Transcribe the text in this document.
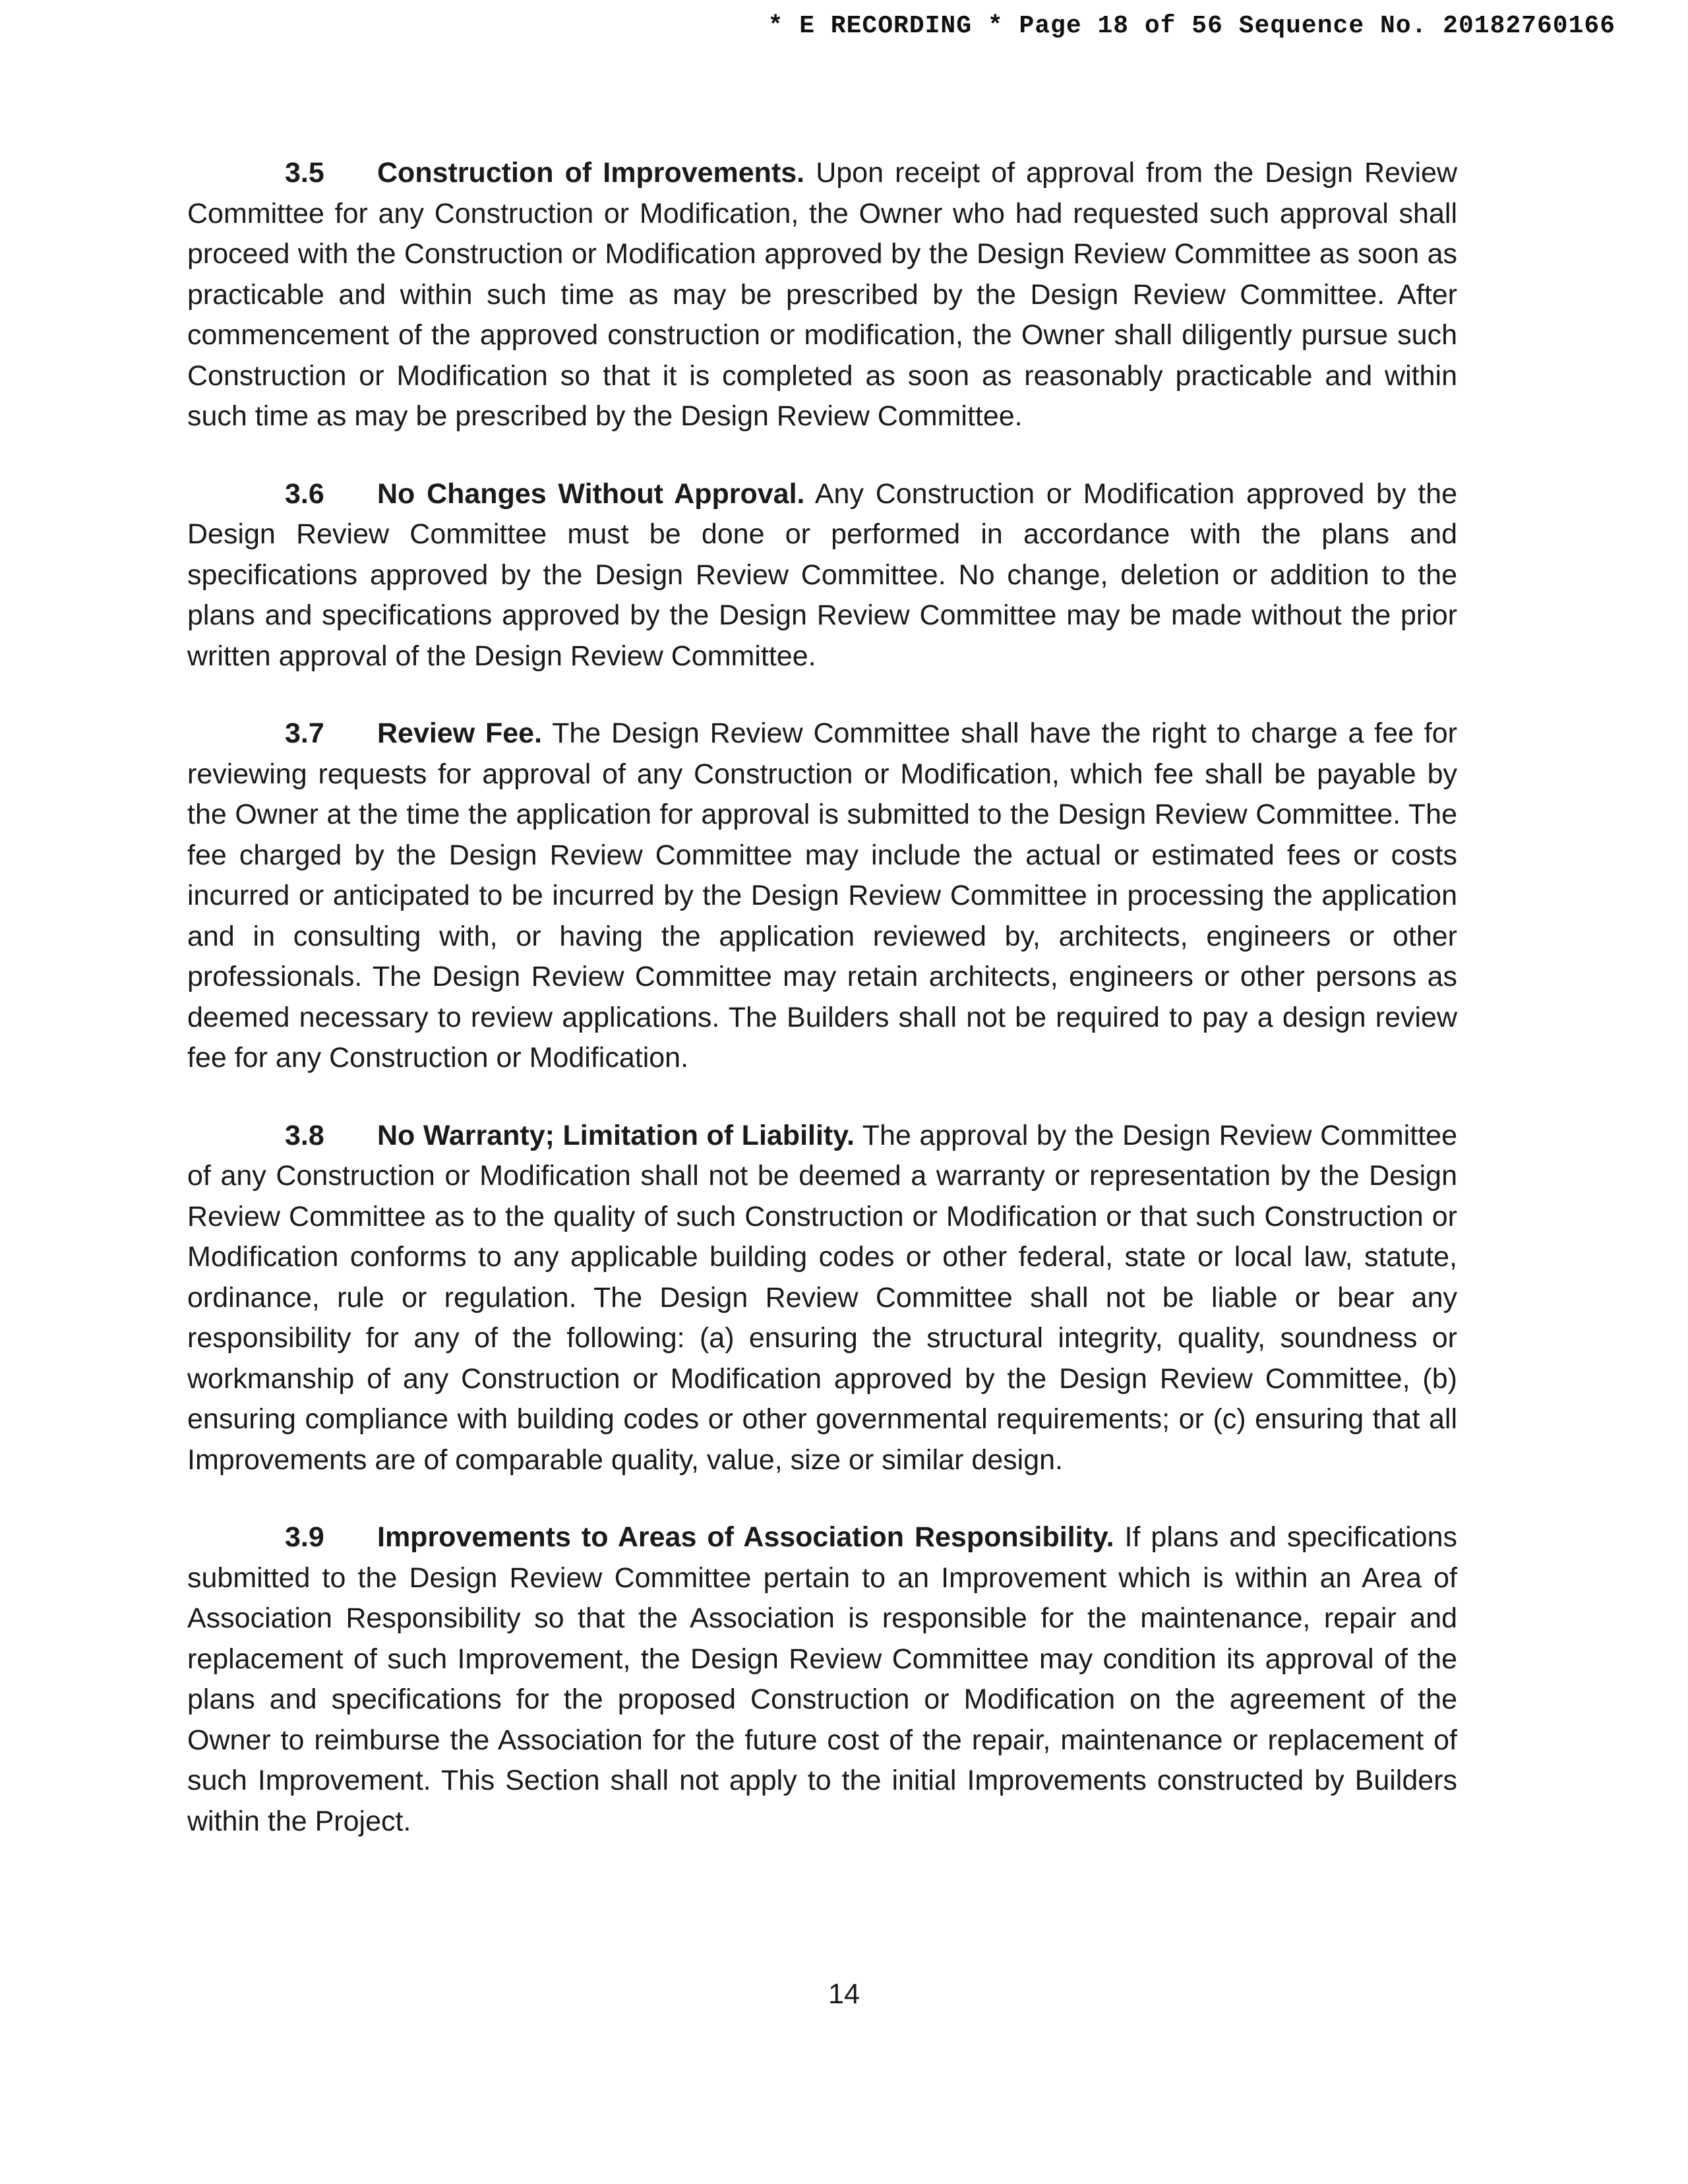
* E RECORDING * Page 18 of 56 Sequence No. 20182760166

3.5 Construction of Improvements. Upon receipt of approval from the Design Review Committee for any Construction or Modification, the Owner who had requested such approval shall proceed with the Construction or Modification approved by the Design Review Committee as soon as practicable and within such time as may be prescribed by the Design Review Committee. After commencement of the approved construction or modification, the Owner shall diligently pursue such Construction or Modification so that it is completed as soon as reasonably practicable and within such time as may be prescribed by the Design Review Committee.

3.6 No Changes Without Approval. Any Construction or Modification approved by the Design Review Committee must be done or performed in accordance with the plans and specifications approved by the Design Review Committee. No change, deletion or addition to the plans and specifications approved by the Design Review Committee may be made without the prior written approval of the Design Review Committee.

3.7 Review Fee. The Design Review Committee shall have the right to charge a fee for reviewing requests for approval of any Construction or Modification, which fee shall be payable by the Owner at the time the application for approval is submitted to the Design Review Committee. The fee charged by the Design Review Committee may include the actual or estimated fees or costs incurred or anticipated to be incurred by the Design Review Committee in processing the application and in consulting with, or having the application reviewed by, architects, engineers or other professionals. The Design Review Committee may retain architects, engineers or other persons as deemed necessary to review applications. The Builders shall not be required to pay a design review fee for any Construction or Modification.

3.8 No Warranty; Limitation of Liability. The approval by the Design Review Committee of any Construction or Modification shall not be deemed a warranty or representation by the Design Review Committee as to the quality of such Construction or Modification or that such Construction or Modification conforms to any applicable building codes or other federal, state or local law, statute, ordinance, rule or regulation. The Design Review Committee shall not be liable or bear any responsibility for any of the following: (a) ensuring the structural integrity, quality, soundness or workmanship of any Construction or Modification approved by the Design Review Committee, (b) ensuring compliance with building codes or other governmental requirements; or (c) ensuring that all Improvements are of comparable quality, value, size or similar design.

3.9 Improvements to Areas of Association Responsibility. If plans and specifications submitted to the Design Review Committee pertain to an Improvement which is within an Area of Association Responsibility so that the Association is responsible for the maintenance, repair and replacement of such Improvement, the Design Review Committee may condition its approval of the plans and specifications for the proposed Construction or Modification on the agreement of the Owner to reimburse the Association for the future cost of the repair, maintenance or replacement of such Improvement. This Section shall not apply to the initial Improvements constructed by Builders within the Project.

14
